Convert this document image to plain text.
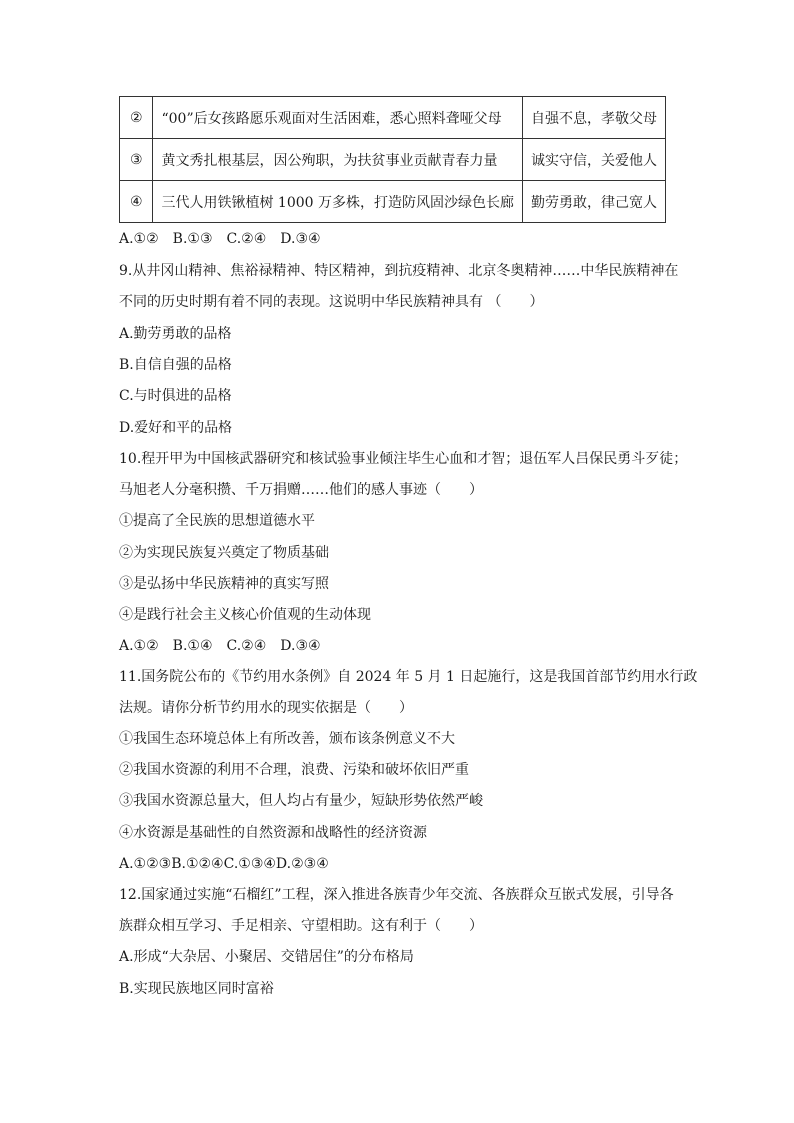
②	“00”后女孩路愿乐观面对生活困难，悉心照料聋哑父母	自强不息，孝敬父母
③	黄文秀扎根基层，因公殉职，为扶贫事业贡献青春力量	诚实守信，关爱他人
④	三代人用铁锹植树 1000 万多株，打造防风固沙绿色长廊	勤劳勇敢，律己宽人
A.①②　B.①③　C.②④　D.③④
9.从井冈山精神、焦裕禄精神、特区精神，到抗疫精神、北京冬奥精神……中华民族精神在
不同的历史时期有着不同的表现。这说明中华民族精神具有 （　　）
A.勤劳勇敢的品格
B.自信自强的品格
C.与时俱进的品格
D.爱好和平的品格
10.程开甲为中国核武器研究和核试验事业倾注毕生心血和才智；退伍军人吕保民勇斗歹徒；
马旭老人分毫积攒、千万捐赠……他们的感人事迹（　　）
①提高了全民族的思想道德水平
②为实现民族复兴奠定了物质基础
③是弘扬中华民族精神的真实写照
④是践行社会主义核心价值观的生动体现
A.①②　B.①④　C.②④　D.③④
11.国务院公布的《节约用水条例》自 2024 年 5 月 1 日起施行，这是我国首部节约用水行政
法规。请你分析节约用水的现实依据是（　　）
①我国生态环境总体上有所改善，颁布该条例意义不大
②我国水资源的利用不合理，浪费、污染和破坏依旧严重
③我国水资源总量大，但人均占有量少，短缺形势依然严峻
④水资源是基础性的自然资源和战略性的经济资源
A.①②③B.①②④C.①③④D.②③④
12.国家通过实施“石榴红”工程，深入推进各族青少年交流、各族群众互嵌式发展，引导各
族群众相互学习、手足相亲、守望相助。这有利于（　　）
A.形成“大杂居、小聚居、交错居住”的分布格局
B.实现民族地区同时富裕
